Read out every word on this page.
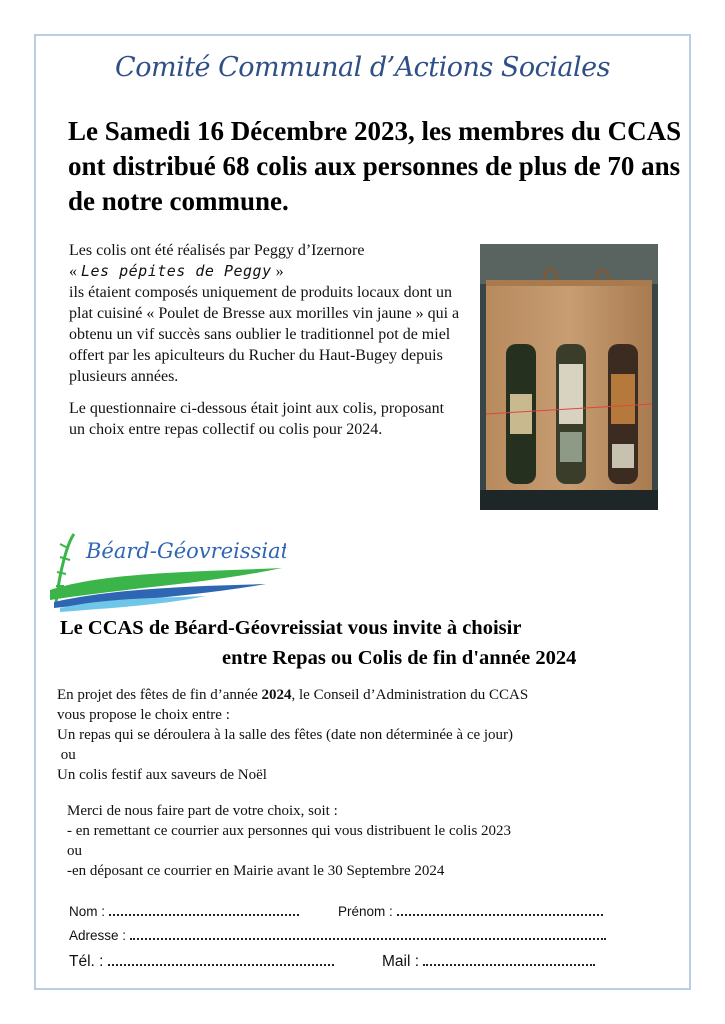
Comité Communal d’Actions Sociales
Le Samedi 16 Décembre 2023, les membres du CCAS ont distribué 68 colis aux personnes de plus de 70 ans de notre commune.

Les colis ont été réalisés par Peggy d’Izernore
« Les pépites de Peggy »
ils étaient composés uniquement de produits locaux dont un plat cuisiné « Poulet de Bresse aux morilles vin jaune » qui a obtenu un vif succès sans oublier le traditionnel pot de miel offert par les apiculteurs du Rucher du Haut-Bugey depuis plusieurs années.

Le questionnaire ci-dessous était joint aux colis, proposant un choix entre repas collectif ou colis pour 2024.

Béard-Géovreissiat
Le CCAS de Béard-Géovreissiat vous invite à choisir
entre Repas ou Colis de fin d'année 2024
En projet des fêtes de fin d’année 2024, le Conseil d’Administration du CCAS
vous propose le choix entre :
Un repas qui se déroulera à la salle des fêtes (date non déterminée à ce jour)
ou
Un colis festif aux saveurs de Noël
Merci de nous faire part de votre choix, soit :
- en remettant ce courrier aux personnes qui vous distribuent le colis 2023
ou
-en déposant ce courrier en Mairie avant le 30 Septembre 2024
Nom :	Prénom :
Adresse :
Tél. :	Mail :
